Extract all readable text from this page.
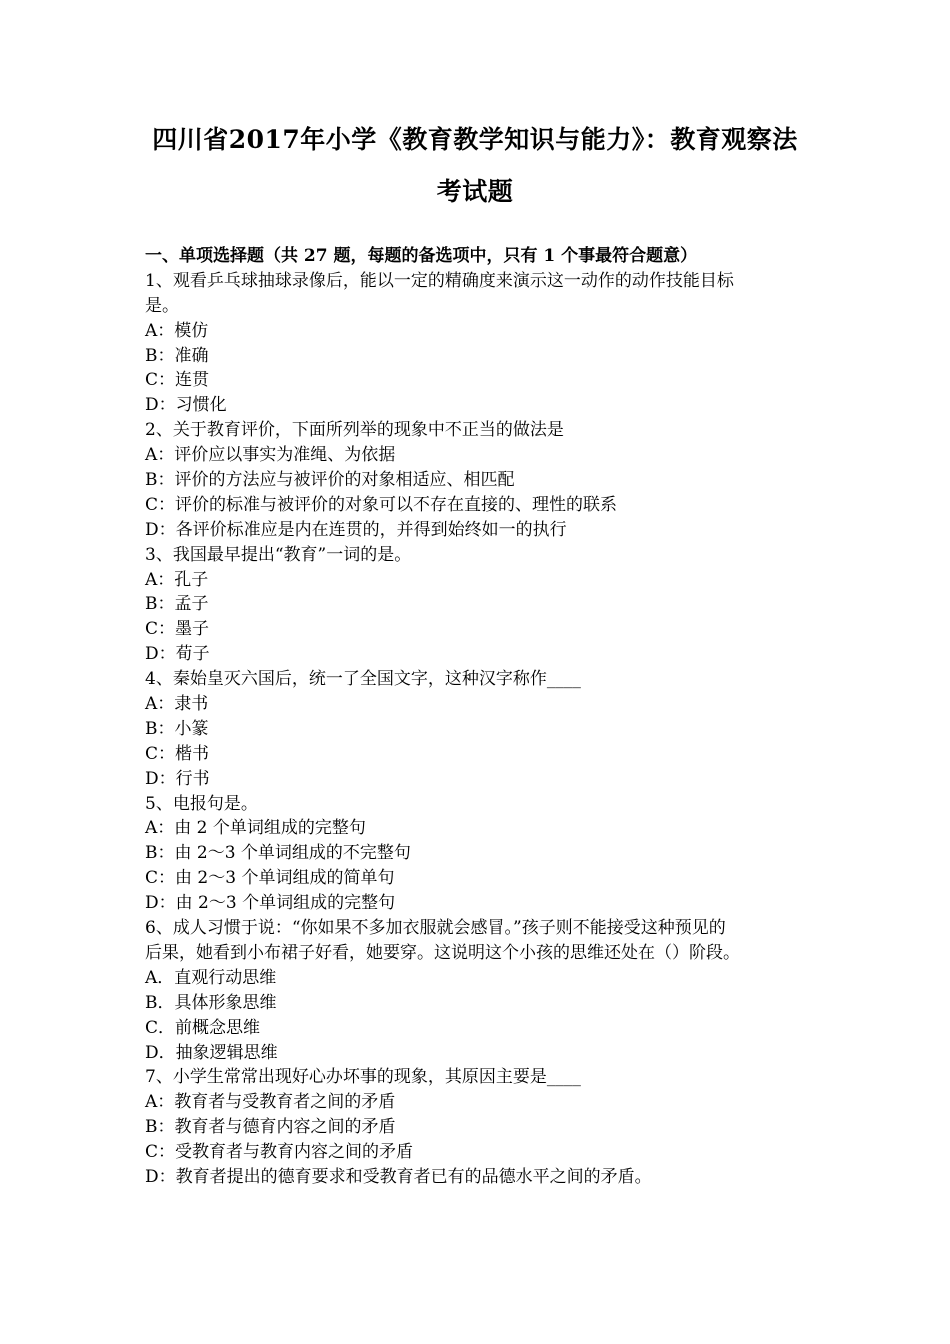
四川省2017年小学《教育教学知识与能力》：教育观察法
考试题
一、单项选择题（共 27 题，每题的备选项中，只有 1 个事最符合题意）
1、观看乒乓球抽球录像后，能以一定的精确度来演示这一动作的动作技能目标
是。
A：模仿
B：准确
C：连贯
D：习惯化
2、关于教育评价，下面所列举的现象中不正当的做法是
A：评价应以事实为准绳、为依据
B：评价的方法应与被评价的对象相适应、相匹配
C：评价的标准与被评价的对象可以不存在直接的、理性的联系
D：各评价标准应是内在连贯的，并得到始终如一的执行
3、我国最早提出“教育”一词的是。
A：孔子
B：孟子
C：墨子
D：荀子
4、秦始皇灭六国后，统一了全国文字，这种汉字称作____
A：隶书
B：小篆
C：楷书
D：行书
5、电报句是。
A：由 2 个单词组成的完整句
B：由 2～3 个单词组成的不完整句
C：由 2～3 个单词组成的简单句
D：由 2～3 个单词组成的完整句
6、成人习惯于说：“你如果不多加衣服就会感冒。”孩子则不能接受这种预见的
后果，她看到小布裙子好看，她要穿。这说明这个小孩的思维还处在（）阶段。
A．直观行动思维
B．具体形象思维
C．前概念思维
D．抽象逻辑思维
7、小学生常常出现好心办坏事的现象，其原因主要是____
A：教育者与受教育者之间的矛盾
B：教育者与德育内容之间的矛盾
C：受教育者与教育内容之间的矛盾
D：教育者提出的德育要求和受教育者已有的品德水平之间的矛盾。
